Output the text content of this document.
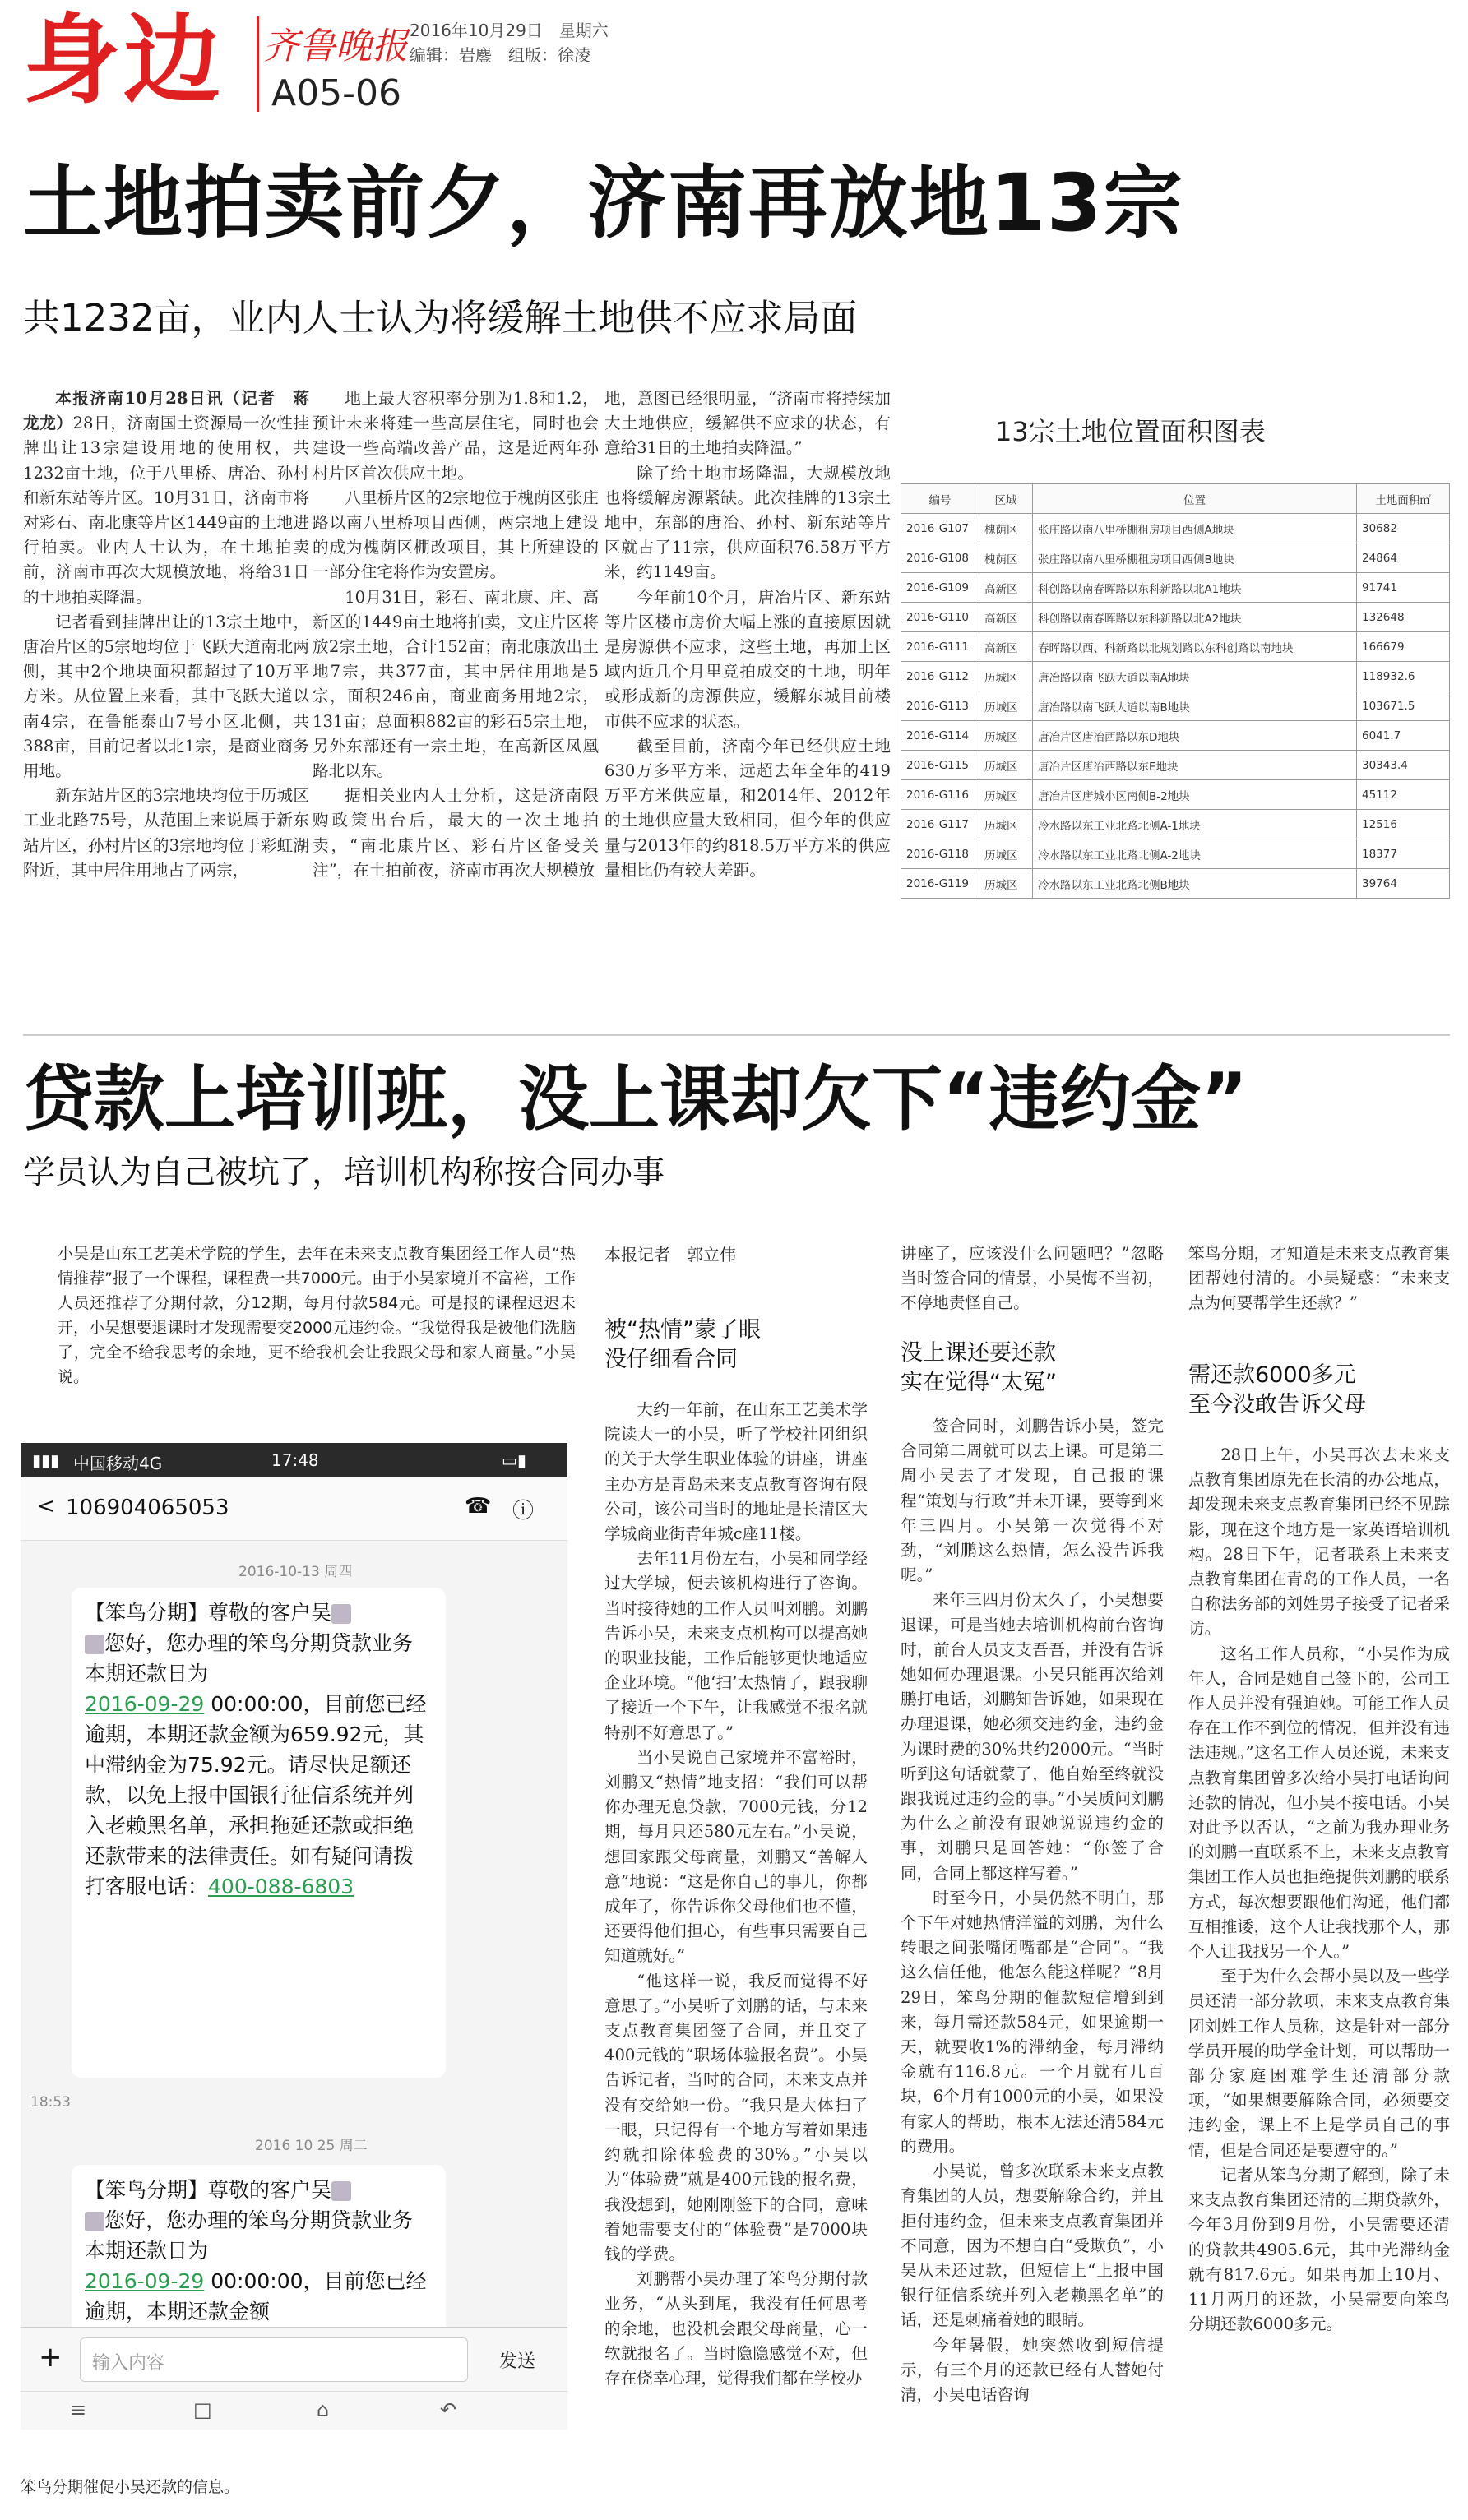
身边 齐鲁晚报 2016年10月29日　星期六
编辑：岩鏖　组版：徐凌
A05-06
土地拍卖前夕，济南再放地13宗
共1232亩，业内人士认为将缓解土地供不应求局面

本报济南10月28日讯（记者　蒋龙龙）28日，济南国土资源局一次性挂牌出让13宗建设用地的使用权，共1232亩土地，位于八里桥、唐冶、孙村和新东站等片区。10月31日，济南市将对彩石、南北康等片区1449亩的土地进行拍卖。业内人士认为，在土地拍卖前，济南市再次大规模放地，将给31日的土地拍卖降温。

记者看到挂牌出让的13宗土地中，唐冶片区的5宗地均位于飞跃大道南北两侧，其中2个地块面积都超过了10万平方米。从位置上来看，其中飞跃大道以南4宗，在鲁能泰山7号小区北侧，共388亩，目前记者以北1宗，是商业商务用地。

新东站片区的3宗地块均位于历城区工业北路75号，从范围上来说属于新东站片区，孙村片区的3宗地均位于彩虹湖附近，其中居住用地占了两宗，

地上最大容积率分别为1.8和1.2，预计未来将建一些高层住宅，同时也会建设一些高端改善产品，这是近两年孙村片区首次供应土地。

八里桥片区的2宗地位于槐荫区张庄路以南八里桥项目西侧，两宗地上建设的成为槐荫区棚改项目，其上所建设的一部分住宅将作为安置房。

10月31日，彩石、南北康、庄、高新区的1449亩土地将拍卖，文庄片区将放2宗土地，合计152亩；南北康放出土地7宗，共377亩，其中居住用地是5宗，面积246亩，商业商务用地2宗，131亩；总面积882亩的彩石5宗土地，另外东部还有一宗土地，在高新区凤凰路北以东。

据相关业内人士分析，这是济南限购政策出台后，最大的一次土地拍卖，“南北康片区、彩石片区备受关注”，在土拍前夜，济南市再次大规模放

地，意图已经很明显，“济南市将持续加大土地供应，缓解供不应求的状态，有意给31日的土地拍卖降温。”

除了给土地市场降温，大规模放地也将缓解房源紧缺。此次挂牌的13宗土地中，东部的唐冶、孙村、新东站等片区就占了11宗，供应面积76.58万平方米，约1149亩。

今年前10个月，唐冶片区、新东站等片区楼市房价大幅上涨的直接原因就是房源供不应求，这些土地，再加上区域内近几个月里竞拍成交的土地，明年或形成新的房源供应，缓解东城目前楼市供不应求的状态。

截至目前，济南今年已经供应土地630万多平方米，远超去年全年的419万平方米供应量，和2014年、2012年的土地供应量大致相同，但今年的供应量与2013年的约818.5万平方米的供应量相比仍有较大差距。

13宗土地位置面积图表
编号	区域	位置	土地面积㎡
2016-G107	槐荫区	张庄路以南八里桥棚租房项目西侧A地块	30682
2016-G108	槐荫区	张庄路以南八里桥棚租房项目西侧B地块	24864
2016-G109	高新区	科创路以南春晖路以东科新路以北A1地块	91741
2016-G110	高新区	科创路以南春晖路以东科新路以北A2地块	132648
2016-G111	高新区	春晖路以西、科新路以北规划路以东科创路以南地块	166679
2016-G112	历城区	唐冶路以南飞跃大道以南A地块	118932.6
2016-G113	历城区	唐冶路以南飞跃大道以南B地块	103671.5
2016-G114	历城区	唐冶片区唐冶西路以东D地块	6041.7
2016-G115	历城区	唐冶片区唐冶西路以东E地块	30343.4
2016-G116	历城区	唐冶片区唐城小区南侧B-2地块	45112
2016-G117	历城区	冷水路以东工业北路北侧A-1地块	12516
2016-G118	历城区	冷水路以东工业北路北侧A-2地块	18377
2016-G119	历城区	冷水路以东工业北路北侧B地块	39764
贷款上培训班，没上课却欠下“违约金”
学员认为自己被坑了，培训机构称按合同办事
小吴是山东工艺美术学院的学生，去年在未来支点教育集团经工作人员“热情推荐”报了一个课程，课程费一共7000元。由于小吴家境并不富裕，工作人员还推荐了分期付款，分12期，每月付款584元。可是报的课程迟迟未开，小吴想要退课时才发现需要交2000元违约金。“我觉得我是被他们洗脑了，完全不给我思考的余地，更不给我机会让我跟父母和家人商量。”小吴说。
▮▮▮ 中国移动4G	17:48	▭▮
< 106904065053	☎ ⓘ
2016-10-13 周四
【笨鸟分期】尊敬的客户吴
您好，您办理的笨鸟分期贷款业务本期还款日为
2016-09-29 00:00:00，目前您已经逾期，本期还款金额为659.92元，其中滞纳金为75.92元。请尽快足额还款，以免上报中国银行征信系统并列入老赖黑名单，承担拖延还款或拒绝还款带来的法律责任。如有疑问请拨打客服电话：400-088-6803
18:53
2016 10 25 周二
【笨鸟分期】尊敬的客户吴
您好，您办理的笨鸟分期贷款业务本期还款日为
2016-09-29 00:00:00，目前您已经逾期，本期还款金额
+ 输入内容	发送
≡	□	⌂	↶
笨鸟分期催促小吴还款的信息。
本报记者　郭立伟
被“热情”蒙了眼
没仔细看合同

大约一年前，在山东工艺美术学院读大一的小吴，听了学校社团组织的关于大学生职业体验的讲座，讲座主办方是青岛未来支点教育咨询有限公司，该公司当时的地址是长清区大学城商业街青年城c座11楼。

去年11月份左右，小吴和同学经过大学城，便去该机构进行了咨询。当时接待她的工作人员叫刘鹏。刘鹏告诉小吴，未来支点机构可以提高她的职业技能，工作后能够更快地适应企业环境。“他‘扫’太热情了，跟我聊了接近一个下午，让我感觉不报名就特别不好意思了。”

当小吴说自己家境并不富裕时，刘鹏又“热情”地支招：“我们可以帮你办理无息贷款，7000元钱，分12期，每月只还580元左右。”小吴说，想回家跟父母商量，刘鹏又“善解人意”地说：“这是你自己的事儿，你都成年了，你告诉你父母他们也不懂，还要得他们担心，有些事只需要自己知道就好。”

“他这样一说，我反而觉得不好意思了。”小吴听了刘鹏的话，与未来支点教育集团签了合同，并且交了400元钱的“职场体验报名费”。小吴告诉记者，当时的合同，未来支点并没有交给她一份。“我只是大体扫了一眼，只记得有一个地方写着如果违约就扣除体验费的30%。”小吴以为“体验费”就是400元钱的报名费，我没想到，她刚刚签下的合同，意味着她需要支付的“体验费”是7000块钱的学费。

刘鹏帮小吴办理了笨鸟分期付款业务，“从头到尾，我没有任何思考的余地，也没机会跟父母商量，心一软就报名了。当时隐隐感觉不对，但存在侥幸心理，觉得我们都在学校办

讲座了，应该没什么问题吧？”忽略当时签合同的情景，小吴悔不当初，不停地责怪自己。

没上课还要还款
实在觉得“太冤”

签合同时，刘鹏告诉小吴，签完合同第二周就可以去上课。可是第二周小吴去了才发现，自己报的课程“策划与行政”并未开课，要等到来年三四月。小吴第一次觉得不对劲，“刘鹏这么热情，怎么没告诉我呢。”

来年三四月份太久了，小吴想要退课，可是当她去培训机构前台咨询时，前台人员支支吾吾，并没有告诉她如何办理退课。小吴只能再次给刘鹏打电话，刘鹏知告诉她，如果现在办理退课，她必须交违约金，违约金为课时费的30%共约2000元。“当时听到这句话就蒙了，他自始至终就没跟我说过违约金的事。”小吴质问刘鹏为什么之前没有跟她说说违约金的事，刘鹏只是回答她：“你签了合同，合同上都这样写着。”

时至今日，小吴仍然不明白，那个下午对她热情洋溢的刘鹏，为什么转眼之间张嘴闭嘴都是“合同”。“我这么信任他，他怎么能这样呢？”8月29日，笨鸟分期的催款短信增到到来，每月需还款584元，如果逾期一天，就要收1%的滞纳金，每月滞纳金就有116.8元。一个月就有几百块，6个月有1000元的小吴，如果没有家人的帮助，根本无法还清584元的费用。

小吴说，曾多次联系未来支点教育集团的人员，想要解除合约，并且拒付违约金，但未来支点教育集团并不同意，因为不想白白“受欺负”，小吴从未还过款，但短信上“上报中国银行征信系统并列入老赖黑名单”的话，还是刺痛着她的眼睛。

今年暑假，她突然收到短信提示，有三个月的还款已经有人替她付清，小吴电话咨询

笨鸟分期，才知道是未来支点教育集团帮她付清的。小吴疑惑：“未来支点为何要帮学生还款？”

需还款6000多元
至今没敢告诉父母

28日上午，小吴再次去未来支点教育集团原先在长清的办公地点，却发现未来支点教育集团已经不见踪影，现在这个地方是一家英语培训机构。28日下午，记者联系上未来支点教育集团在青岛的工作人员，一名自称法务部的刘姓男子接受了记者采访。

这名工作人员称，“小吴作为成年人，合同是她自己签下的，公司工作人员并没有强迫她。可能工作人员存在工作不到位的情况，但并没有违法违规。”这名工作人员还说，未来支点教育集团曾多次给小吴打电话询问还款的情况，但小吴不接电话。小吴对此予以否认，“之前为我办理业务的刘鹏一直联系不上，未来支点教育集团工作人员也拒绝提供刘鹏的联系方式，每次想要跟他们沟通，他们都互相推诿，这个人让我找那个人，那个人让我找另一个人。”

至于为什么会帮小吴以及一些学员还清一部分款项，未来支点教育集团刘姓工作人员称，这是针对一部分学员开展的助学金计划，可以帮助一部分家庭困难学生还清部分款项，“如果想要解除合同，必须要交违约金，课上不上是学员自己的事情，但是合同还是要遵守的。”

记者从笨鸟分期了解到，除了未来支点教育集团还清的三期贷款外，今年3月份到9月份，小吴需要还清的贷款共4905.6元，其中光滞纳金就有817.6元。如果再加上10月、11月两月的还款，小吴需要向笨鸟分期还款6000多元。
